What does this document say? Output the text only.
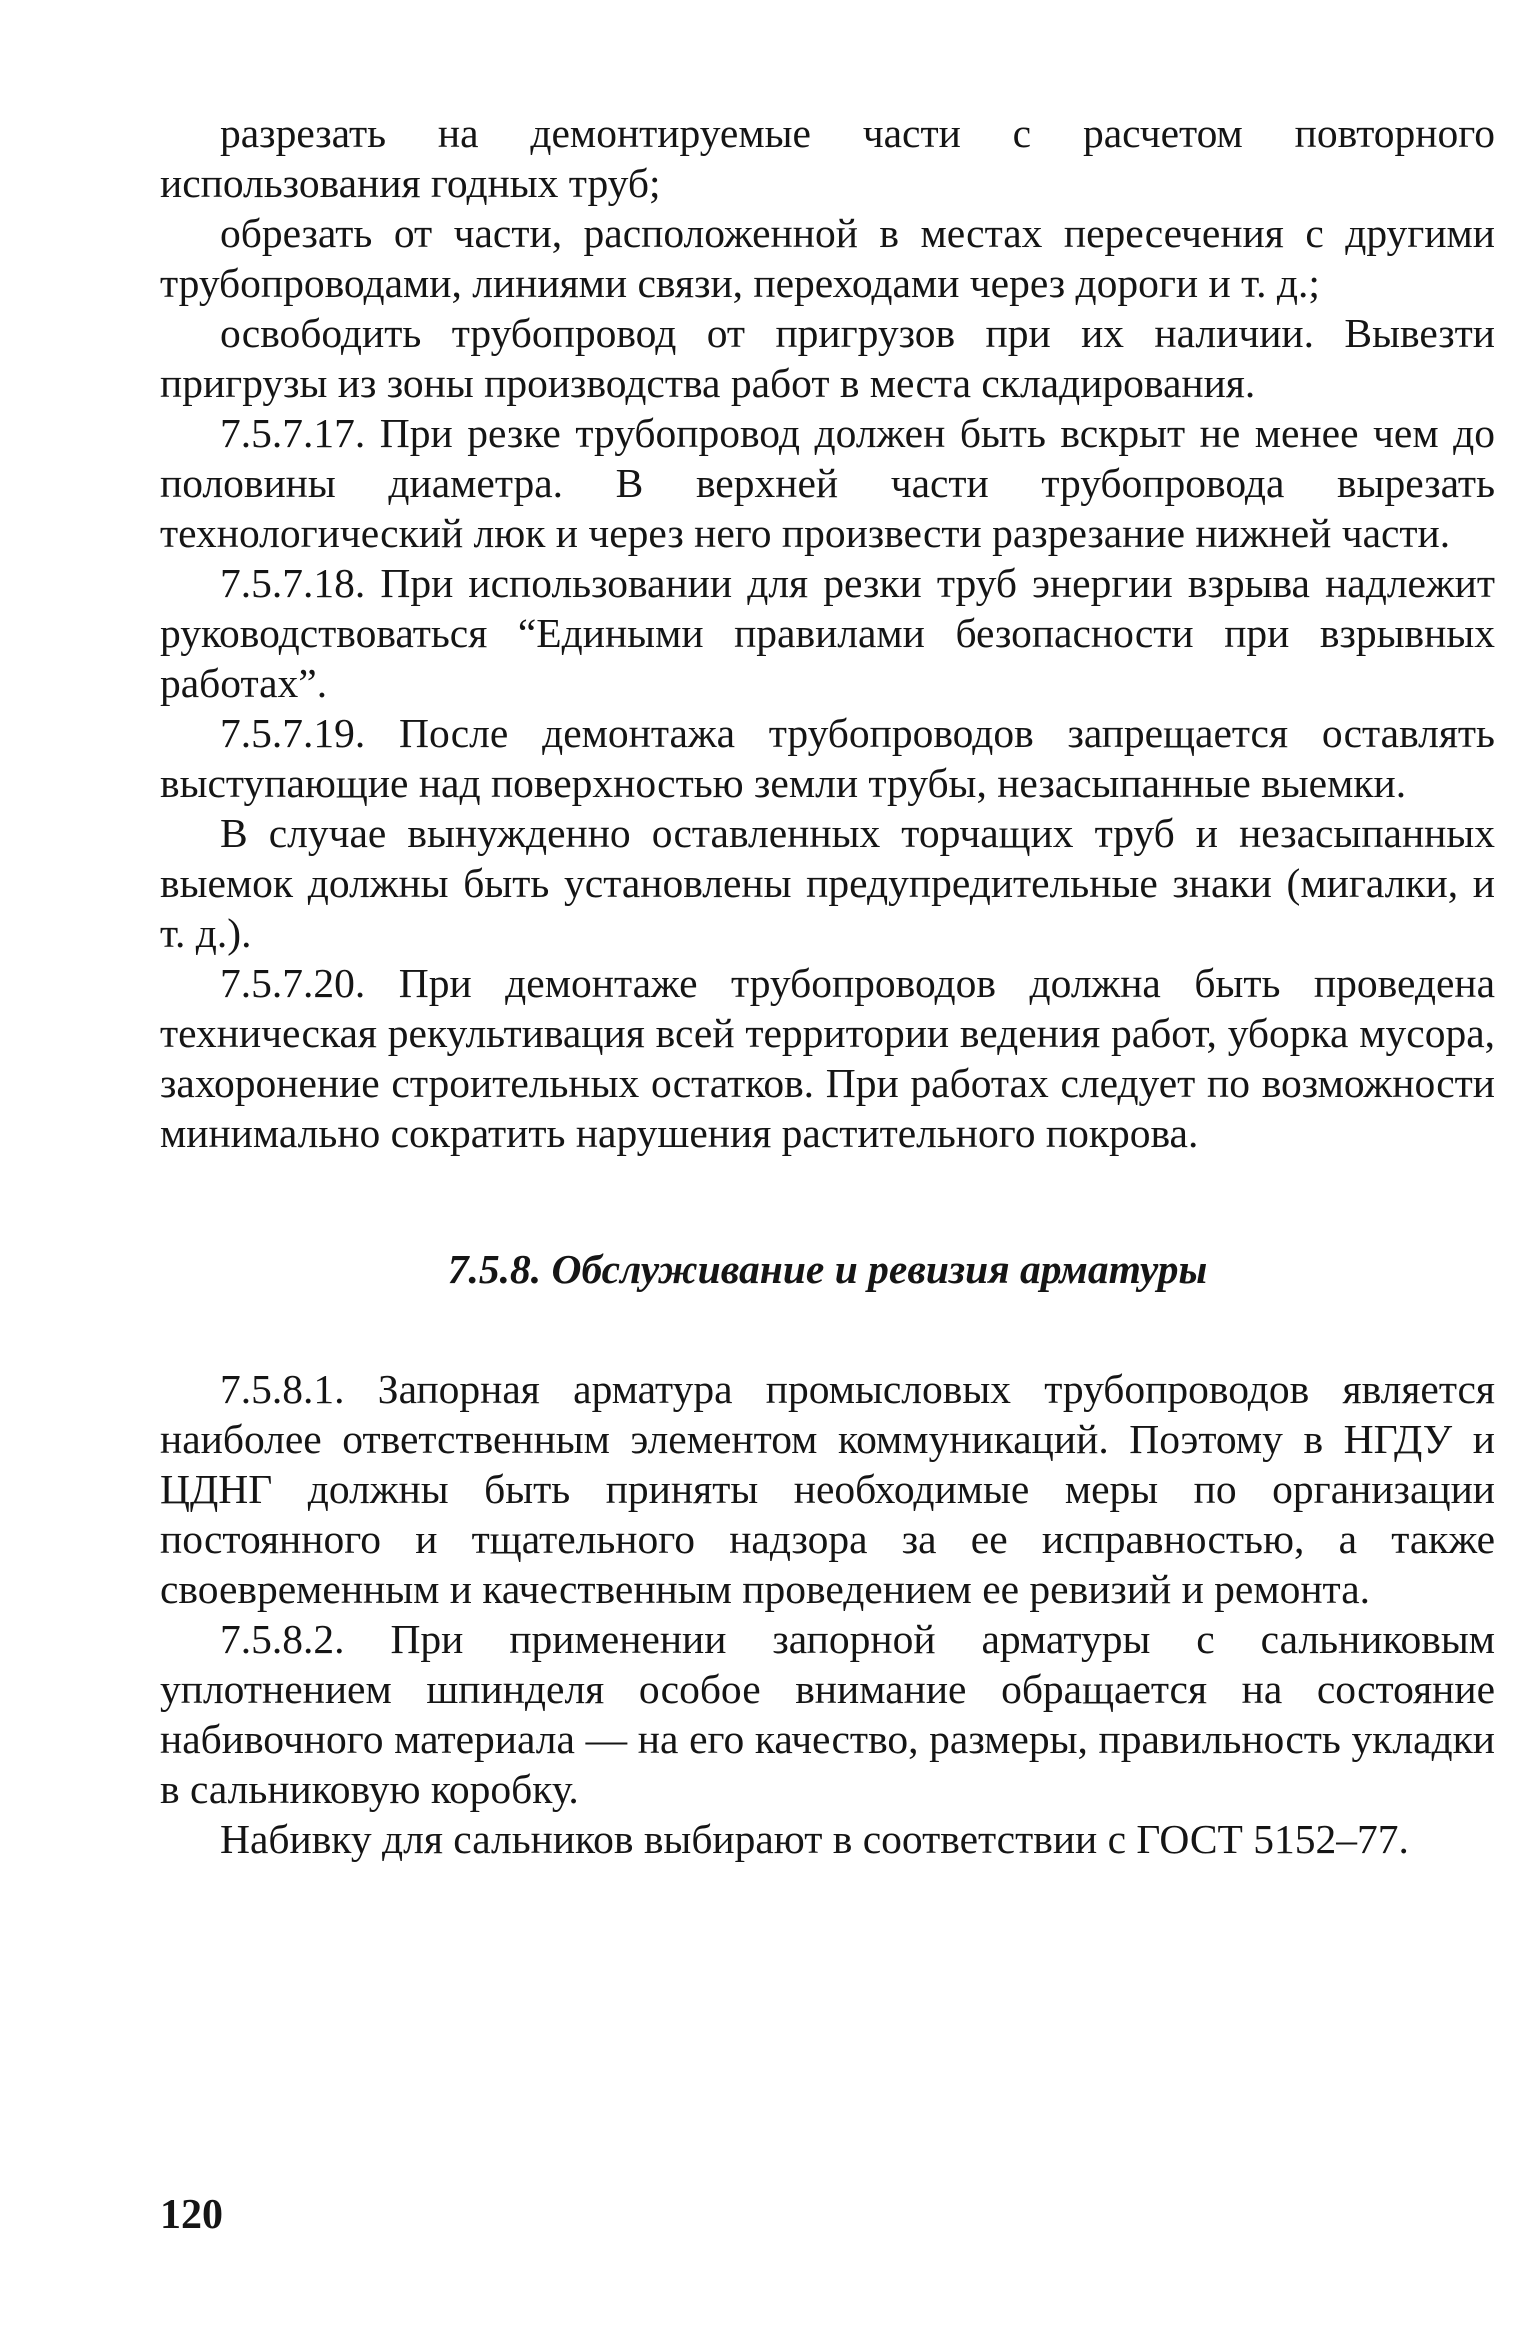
разрезать на демонтируемые части с расчетом повторного использования годных труб;

обрезать от части, расположенной в местах пересечения с другими трубопроводами, линиями связи, переходами через дороги и т. д.;

освободить трубопровод от пригрузов при их наличии. Вывезти пригрузы из зоны производства работ в места складирования.

7.5.7.17. При резке трубопровод должен быть вскрыт не менее чем до половины диаметра. В верхней части трубопровода вырезать технологический люк и через него произвести разрезание нижней части.

7.5.7.18. При использовании для резки труб энергии взрыва надлежит руководствоваться “Едиными правилами безопасности при взрывных работах”.

7.5.7.19. После демонтажа трубопроводов запрещается оставлять выступающие над поверхностью земли трубы, незасыпанные выемки.

В случае вынужденно оставленных торчащих труб и незасыпанных выемок должны быть установлены предупредительные знаки (мигалки, и т. д.).

7.5.7.20. При демонтаже трубопроводов должна быть проведена техническая рекультивация всей территории ведения работ, уборка мусора, захоронение строительных остатков. При работах следует по возможности минимально сократить нарушения растительного покрова.

7.5.8. Обслуживание и ревизия арматуры

7.5.8.1. Запорная арматура промысловых трубопроводов является наиболее ответственным элементом коммуникаций. Поэтому в НГДУ и ЦДНГ должны быть приняты необходимые меры по организации постоянного и тщательного надзора за ее исправностью, а также своевременным и качественным проведением ее ревизий и ремонта.

7.5.8.2. При применении запорной арматуры с сальниковым уплотнением шпинделя особое внимание обращается на состояние набивочного материала — на его качество, размеры, правильность укладки в сальниковую коробку.

Набивку для сальников выбирают в соответствии с ГОСТ 5152–77.

120
